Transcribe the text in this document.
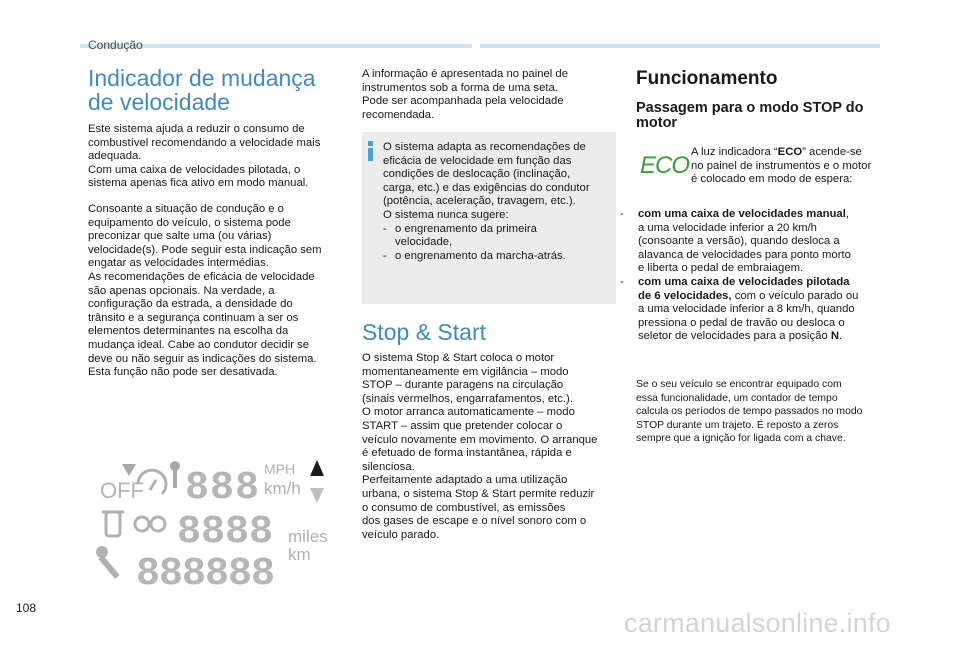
Condução
Indicador de mudança de velocidade
Este sistema ajuda a reduzir o consumo de
combustível recomendando a velocidade mais
adequada.
Com uma caixa de velocidades pilotada, o
sistema apenas fica ativo em modo manual.
Consoante a situação de condução e o
equipamento do veículo, o sistema pode
preconizar que salte uma (ou várias)
velocidade(s). Pode seguir esta indicação sem
engatar as velocidades intermédias.
As recomendações de eficácia de velocidade
são apenas opcionais. Na verdade, a
configuração da estrada, a densidade do
trânsito e a segurança continuam a ser os
elementos determinantes na escolha da
mudança ideal. Cabe ao condutor decidir se
deve ou não seguir as indicações do sistema.
Esta função não pode ser desativada.
OFF 888
8888
888888
MPH
km/h
miles
km
A informação é apresentada no painel de
instrumentos sob a forma de uma seta.
Pode ser acompanhada pela velocidade
recomendada.
O sistema adapta as recomendações de
eficácia de velocidade em função das
condições de deslocação (inclinação,
carga, etc.) e das exigências do condutor
(potência, aceleração, travagem, etc.).
O sistema nunca sugere:
- o engrenamento da primeira
velocidade,
- o engrenamento da marcha-atrás.
Stop & Start
O sistema Stop & Start coloca o motor
momentaneamente em vigilância – modo
STOP – durante paragens na circulação
(sinais vermelhos, engarrafamentos, etc.).
O motor arranca automaticamente – modo
START – assim que pretender colocar o
veículo novamente em movimento. O arranque
é efetuado de forma instantânea, rápida e
silenciosa.
Perfeitamente adaptado a uma utilização
urbana, o sistema Stop & Start permite reduzir
o consumo de combustível, as emissões
dos gases de escape e o nível sonoro com o
veículo parado.
Funcionamento
Passagem para o modo STOP do
motor
ECO A luz indicadora “ECO” acende-se
no painel de instrumentos e o motor
é colocado em modo de espera:
- com uma caixa de velocidades manual,
a uma velocidade inferior a 20 km/h
(consoante a versão), quando desloca a
alavanca de velocidades para ponto morto
e liberta o pedal de embraiagem.
- com uma caixa de velocidades pilotada
de 6 velocidades, com o veículo parado ou
a uma velocidade inferior a 8 km/h, quando
pressiona o pedal de travão ou desloca o
seletor de velocidades para a posição N.
Se o seu veículo se encontrar equipado com
essa funcionalidade, um contador de tempo
calcula os períodos de tempo passados no modo
STOP durante um trajeto. É reposto a zeros
sempre que a ignição for ligada com a chave.
108	carmanualsonline.info
